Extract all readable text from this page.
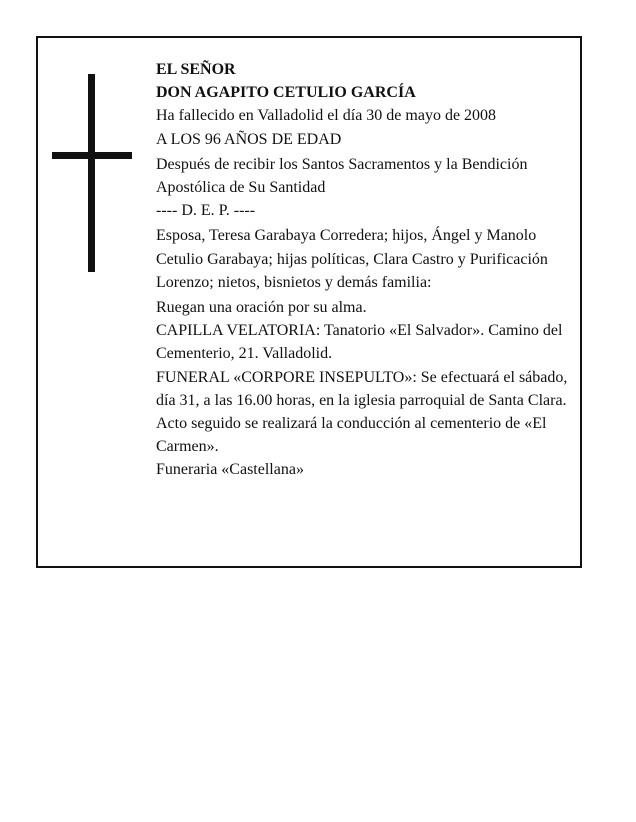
EL SEÑOR

DON AGAPITO CETULIO GARCÍA

Ha fallecido en Valladolid el día 30 de mayo de 2008

A LOS 96 AÑOS DE EDAD

Después de recibir los Santos Sacramentos y la Bendición Apostólica de Su Santidad

---- D. E. P. ----

Esposa, Teresa Garabaya Corredera; hijos, Ángel y Manolo Cetulio Garabaya; hijas políticas, Clara Castro y Purificación Lorenzo; nietos, bisnietos y demás familia:

Ruegan una oración por su alma.

CAPILLA VELATORIA: Tanatorio «El Salvador». Camino del Cementerio, 21. Valladolid.

FUNERAL «CORPORE INSEPULTO»: Se efectuará el sábado, día 31, a las 16.00 horas, en la iglesia parroquial de Santa Clara. Acto seguido se realizará la conducción al cementerio de «El Carmen».

Funeraria «Castellana»
